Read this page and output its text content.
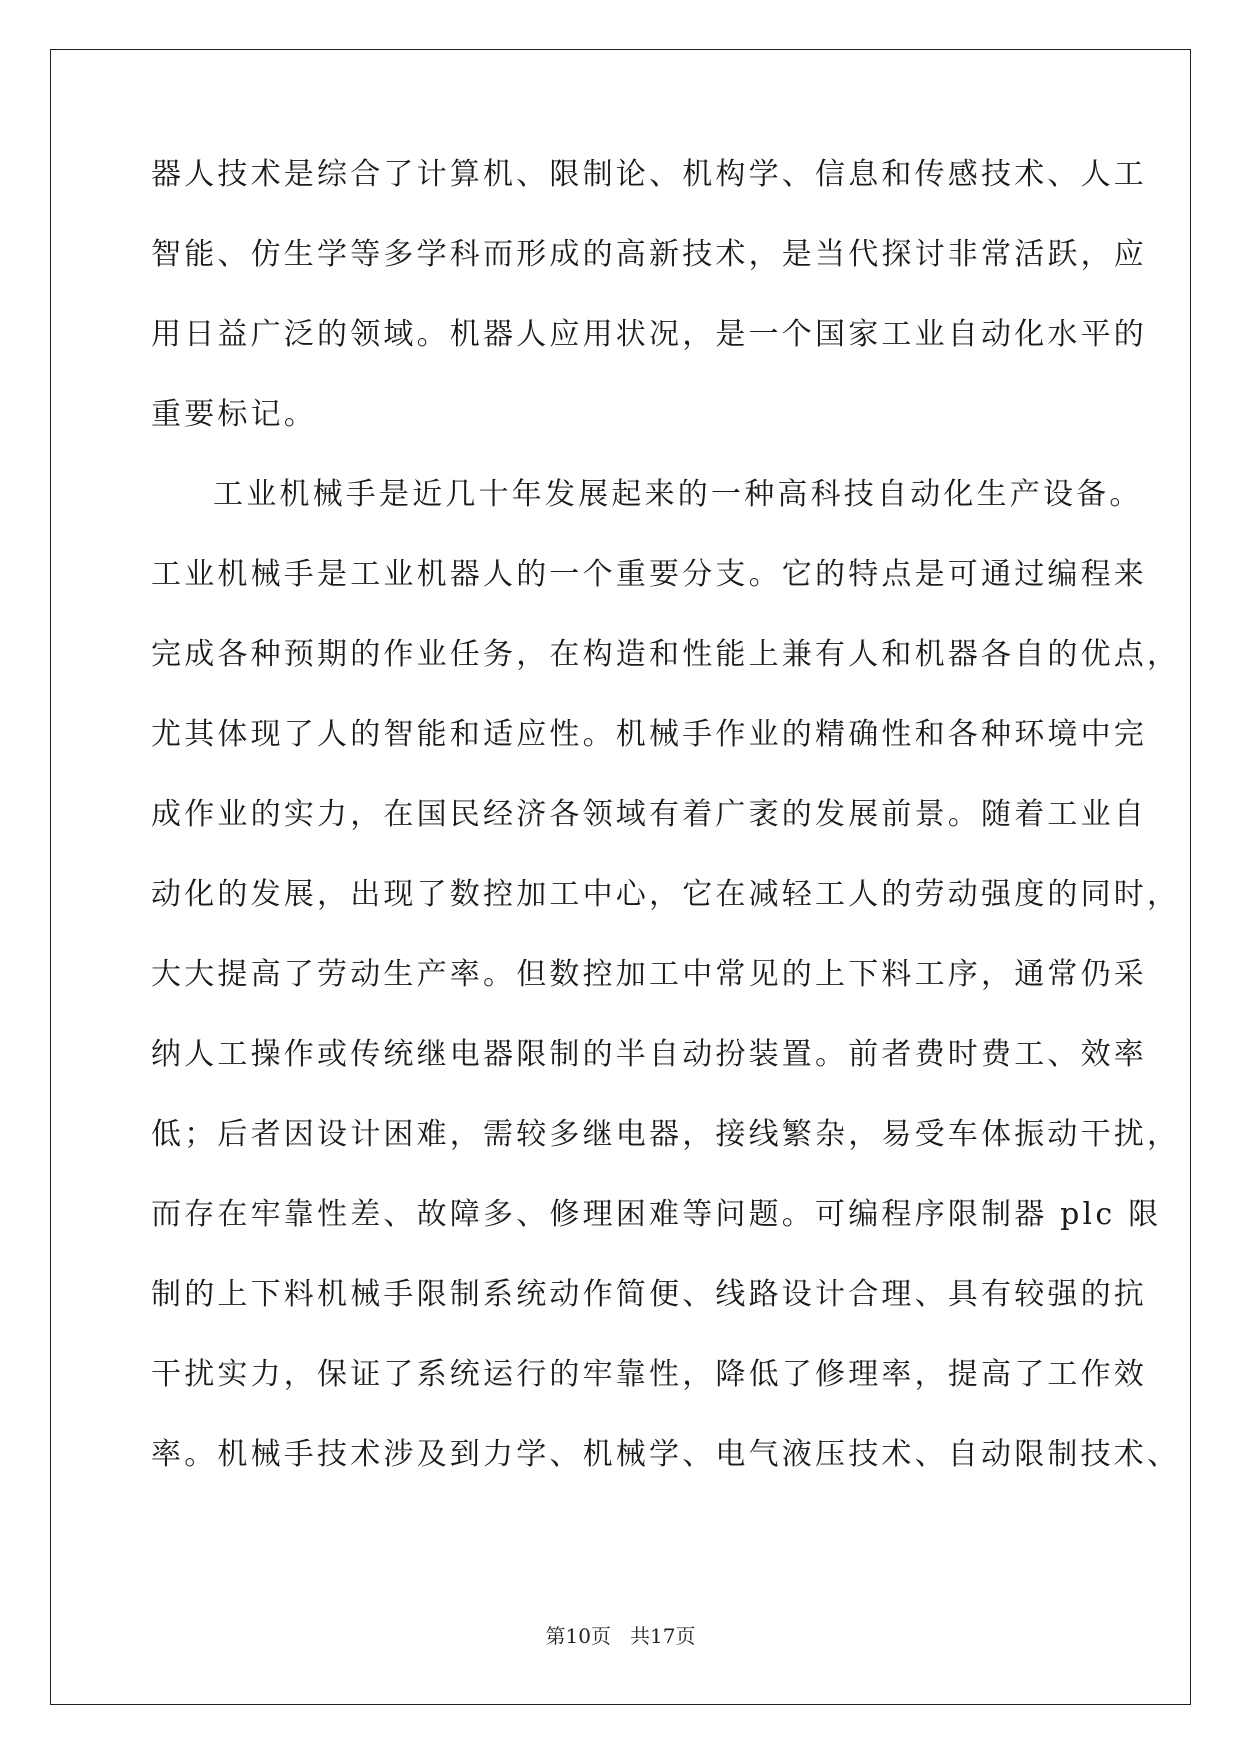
器人技术是综合了计算机、限制论、机构学、信息和传感技术、人工
智能、仿生学等多学科而形成的高新技术，是当代探讨非常活跃，应
用日益广泛的领域。机器人应用状况，是一个国家工业自动化水平的
重要标记。
工业机械手是近几十年发展起来的一种高科技自动化生产设备。
工业机械手是工业机器人的一个重要分支。它的特点是可通过编程来
完成各种预期的作业任务，在构造和性能上兼有人和机器各自的优点，
尤其体现了人的智能和适应性。机械手作业的精确性和各种环境中完
成作业的实力，在国民经济各领域有着广袤的发展前景。随着工业自
动化的发展，出现了数控加工中心，它在减轻工人的劳动强度的同时，
大大提高了劳动生产率。但数控加工中常见的上下料工序，通常仍采
纳人工操作或传统继电器限制的半自动扮装置。前者费时费工、效率
低；后者因设计困难，需较多继电器，接线繁杂，易受车体振动干扰，
而存在牢靠性差、故障多、修理困难等问题。可编程序限制器 plc 限
制的上下料机械手限制系统动作简便、线路设计合理、具有较强的抗
干扰实力，保证了系统运行的牢靠性，降低了修理率，提高了工作效
率。机械手技术涉及到力学、机械学、电气液压技术、自动限制技术、
第10页 共17页
